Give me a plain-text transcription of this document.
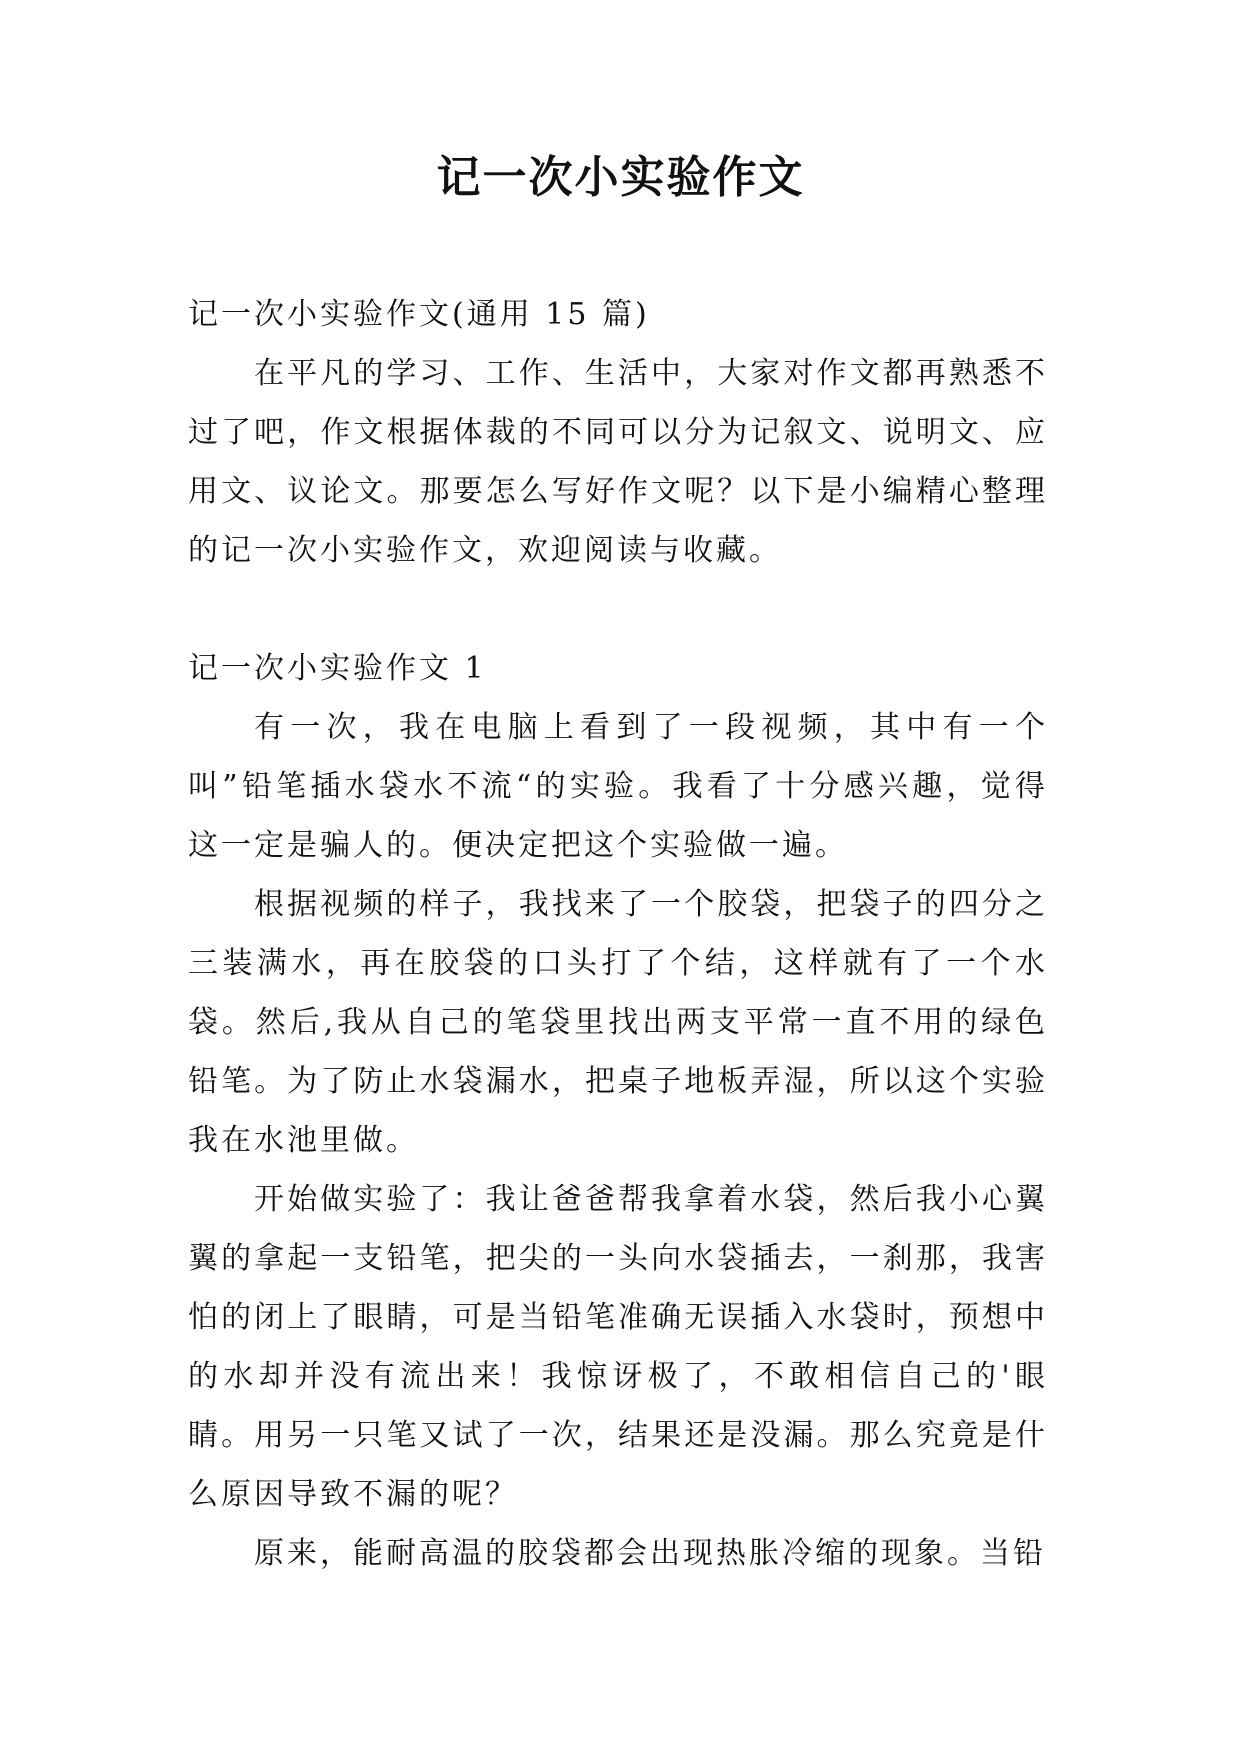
记一次小实验作文

记一次小实验作文(通用 15 篇)

在平凡的学习、工作、生活中，大家对作文都再熟悉不过了吧，作文根据体裁的不同可以分为记叙文、说明文、应用文、议论文。那要怎么写好作文呢？以下是小编精心整理的记一次小实验作文，欢迎阅读与收藏。

记一次小实验作文 1

有一次，我在电脑上看到了一段视频，其中有一个叫”铅笔插水袋水不流“的实验。我看了十分感兴趣，觉得这一定是骗人的。便决定把这个实验做一遍。

根据视频的样子，我找来了一个胶袋，把袋子的四分之三装满水，再在胶袋的口头打了个结，这样就有了一个水袋。然后,我从自己的笔袋里找出两支平常一直不用的绿色铅笔。为了防止水袋漏水，把桌子地板弄湿，所以这个实验我在水池里做。

开始做实验了：我让爸爸帮我拿着水袋，然后我小心翼翼的拿起一支铅笔，把尖的一头向水袋插去，一刹那，我害怕的闭上了眼睛，可是当铅笔准确无误插入水袋时，预想中的水却并没有流出来！我惊讶极了，不敢相信自己的'眼睛。用另一只笔又试了一次，结果还是没漏。那么究竟是什么原因导致不漏的呢？

原来，能耐高温的胶袋都会出现热胀冷缩的现象。当铅
